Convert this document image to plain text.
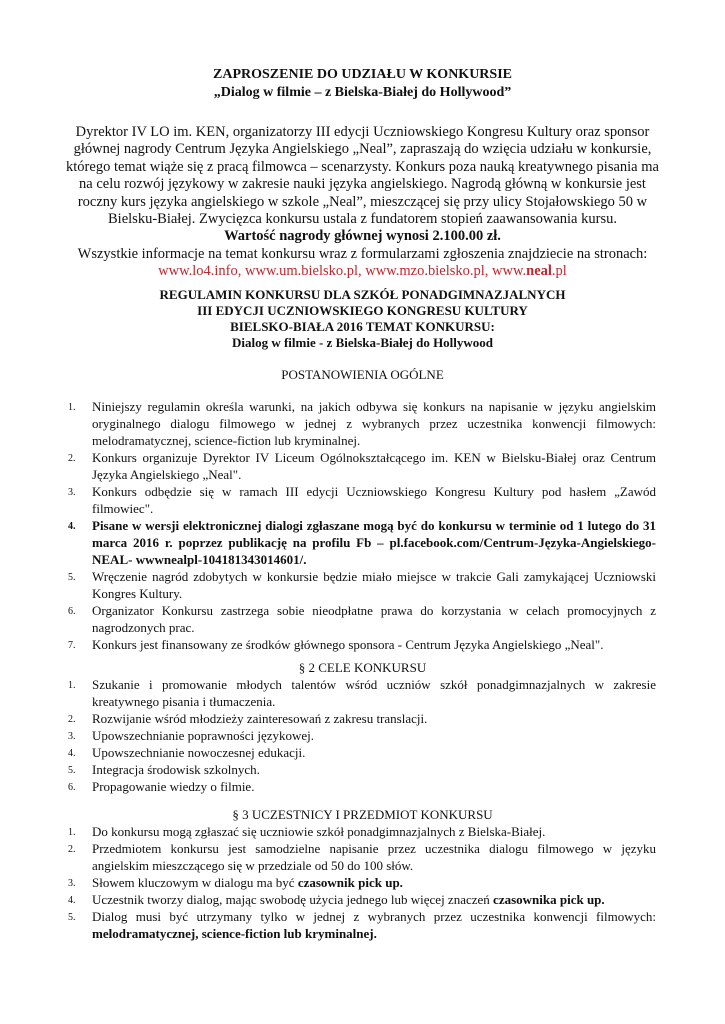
ZAPROSZENIE DO UDZIAŁU W KONKURSIE
„Dialog w filmie – z Bielska-Białej do Hollywood”

Dyrektor IV LO im. KEN, organizatorzy III edycji Uczniowskiego Kongresu Kultury oraz sponsor głównej nagrody Centrum Języka Angielskiego „Neal”, zapraszają do wzięcia udziału w konkursie, którego temat wiąże się z pracą filmowca – scenarzysty. Konkurs poza nauką kreatywnego pisania ma na celu rozwój językowy w zakresie nauki języka angielskiego. Nagrodą główną w konkursie jest roczny kurs języka angielskiego w szkole „Neal”, mieszczącej się przy ulicy Stojałowskiego 50 w Bielsku-Białej. Zwycięzca konkursu ustala z fundatorem stopień zaawansowania kursu.

Wartość nagrody głównej wynosi 2.100.00 zł.

Wszystkie informacje na temat konkursu wraz z formularzami zgłoszenia znajdziecie na stronach:

www.lo4.info, www.um.bielsko.pl, www.mzo.bielsko.pl, www.neal.pl

REGULAMIN KONKURSU DLA SZKÓŁ PONADGIMNAZJALNYCH
III EDYCJI UCZNIOWSKIEGO KONGRESU KULTURY
BIELSKO-BIAŁA 2016 TEMAT KONKURSU:
Dialog w filmie - z Bielska-Białej do Hollywood
POSTANOWIENIA OGÓLNE
1. Niniejszy regulamin określa warunki, na jakich odbywa się konkurs na napisanie w języku angielskim oryginalnego dialogu filmowego w jednej z wybranych przez uczestnika konwencji filmowych: melodramatycznej, science-fiction lub kryminalnej.
2. Konkurs organizuje Dyrektor IV Liceum Ogólnokształcącego im. KEN w Bielsku-Białej oraz Centrum Języka Angielskiego „Neal".
3. Konkurs odbędzie się w ramach III edycji Uczniowskiego Kongresu Kultury pod hasłem „Zawód filmowiec".
4. Pisane w wersji elektronicznej dialogi zgłaszane mogą być do konkursu w terminie od 1 lutego do 31 marca 2016 r. poprzez publikację na profilu Fb – pl.facebook.com/Centrum-Języka-Angielskiego-NEAL- wwwnealpl-104181343014601/.
5. Wręczenie nagród zdobytych w konkursie będzie miało miejsce w trakcie Gali zamykającej Uczniowski Kongres Kultury.
6. Organizator Konkursu zastrzega sobie nieodpłatne prawa do korzystania w celach promocyjnych z nagrodzonych prac.
7. Konkurs jest finansowany ze środków głównego sponsora - Centrum Języka Angielskiego „Neal".
§ 2 CELE KONKURSU
1. Szukanie i promowanie młodych talentów wśród uczniów szkół ponadgimnazjalnych w zakresie kreatywnego pisania i tłumaczenia.
2. Rozwijanie wśród młodzieży zainteresowań z zakresu translacji.
3. Upowszechnianie poprawności językowej.
4. Upowszechnianie nowoczesnej edukacji.
5. Integracja środowisk szkolnych.
6. Propagowanie wiedzy o filmie.
§ 3 UCZESTNICY I PRZEDMIOT KONKURSU
1. Do konkursu mogą zgłaszać się uczniowie szkół ponadgimnazjalnych z Bielska-Białej.
2. Przedmiotem konkursu jest samodzielne napisanie przez uczestnika dialogu filmowego w języku angielskim mieszczącego się w przedziale od 50 do 100 słów.
3. Słowem kluczowym w dialogu ma być czasownik pick up.
4. Uczestnik tworzy dialog, mając swobodę użycia jednego lub więcej znaczeń czasownika pick up.
5. Dialog musi być utrzymany tylko w jednej z wybranych przez uczestnika konwencji filmowych: melodramatycznej, science-fiction lub kryminalnej.
